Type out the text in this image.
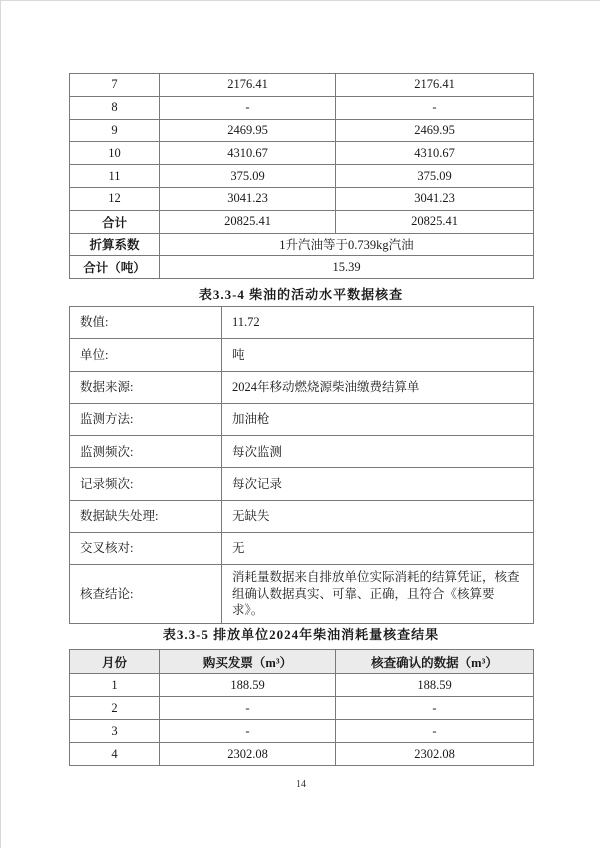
7	2176.41	2176.41
8	-	-
9	2469.95	2469.95
10	4310.67	4310.67
11	375.09	375.09
12	3041.23	3041.23
合计	20825.41	20825.41
折算系数	1升汽油等于0.739kg汽油	
合计（吨）	15.39	
表3.3-4 柴油的活动水平数据核查
数值:	11.72
单位:	吨
数据来源:	2024年移动燃烧源柴油缴费结算单
监测方法:	加油枪
监测频次:	每次监测
记录频次:	每次记录
数据缺失处理:	无缺失
交叉核对:	无
核查结论:	消耗量数据来自排放单位实际消耗的结算凭证，核查组确认数据真实、可靠、正确，且符合《核算要求》。
表3.3-5 排放单位2024年柴油消耗量核查结果
月份	购买发票（m³）	核查确认的数据（m³）
1	188.59	188.59
2	-	-
3	-	-
4	2302.08	2302.08
14
